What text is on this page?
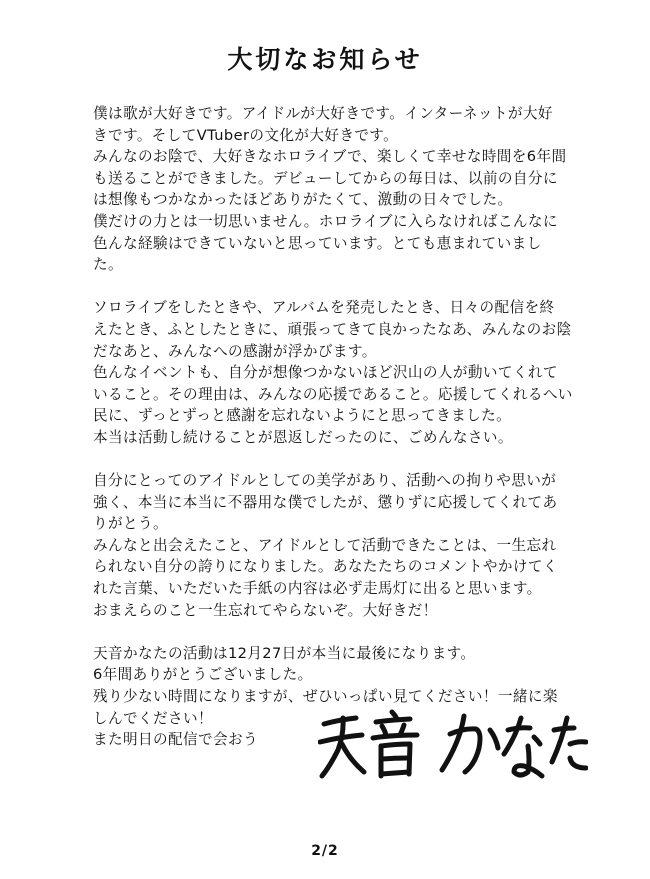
大切なお知らせ
僕は歌が大好きです。アイドルが大好きです。インターネットが大好
きです。そしてVTuberの文化が大好きです。
みんなのお陰で、大好きなホロライブで、楽しくて幸せな時間を6年間
も送ることができました。デビューしてからの毎日は、以前の自分に
は想像もつかなかったほどありがたくて、激動の日々でした。
僕だけの力とは一切思いません。ホロライブに入らなければこんなに
色んな経験はできていないと思っています。とても恵まれていまし
た。
ソロライブをしたときや、アルバムを発売したとき、日々の配信を終
えたとき、ふとしたときに、頑張ってきて良かったなあ、みんなのお陰
だなあと、みんなへの感謝が浮かびます。
色んなイベントも、自分が想像つかないほど沢山の人が動いてくれて
いること。その理由は、みんなの応援であること。応援してくれるへい
民に、ずっとずっと感謝を忘れないようにと思ってきました。
本当は活動し続けることが恩返しだったのに、ごめんなさい。
自分にとってのアイドルとしての美学があり、活動への拘りや思いが
強く、本当に本当に不器用な僕でしたが、懲りずに応援してくれてあ
りがとう。
みんなと出会えたこと、アイドルとして活動できたことは、一生忘れ
られない自分の誇りになりました。あなたたちのコメントやかけてく
れた言葉、いただいた手紙の内容は必ず走馬灯に出ると思います。
おまえらのこと一生忘れてやらないぞ。大好きだ！
天音かなたの活動は12月27日が本当に最後になります。
6年間ありがとうございました。
残り少ない時間になりますが、ぜひいっぱい見てください！一緒に楽
しんでください！
また明日の配信で会おう
2/2
